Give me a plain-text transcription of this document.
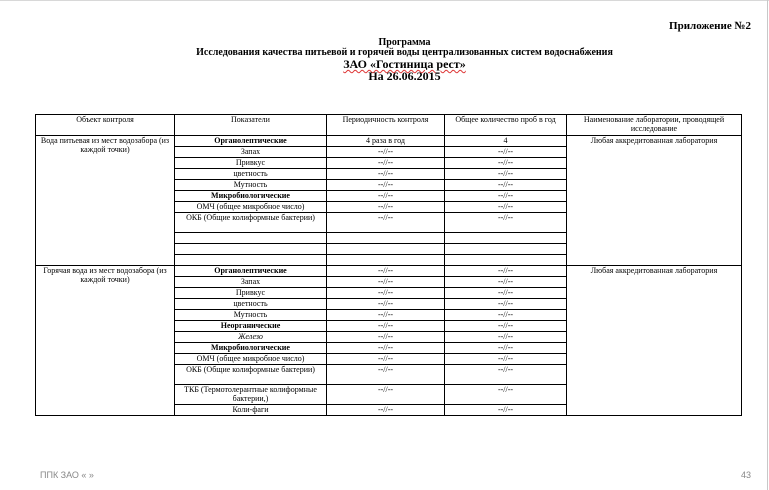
Приложение №2
Программа
Исследования качества питьевой и горячей воды централизованных систем водоснабжения
ЗАО «Гостиница рест»
На 26.06.2015
Объект контроля	Показатели	Периодичность контроля	Общее количество проб в год	Наименование лаборатории, проводящей исследование
Вода питьевая из мест водозабора (из каждой точки)	Органолептические	4 раза в год	4	Любая аккредитованная лаборатория
	Запах	--//--	--//--	
	Привкус	--//--	--//--	
	цветность	--//--	--//--	
	Мутность	--//--	--//--	
	Микробиологические	--//--	--//--	
	ОМЧ (общее микробное число)	--//--	--//--	
	ОКБ (Общие колиформные бактерии)	--//--	--//--	

Горячая вода из мест водозабора (из каждой точки)	Органолептические	--//--	--//--	Любая аккредитованная лаборатория
	Запах	--//--	--//--	
	Привкус	--//--	--//--	
	цветность	--//--	--//--	
	Мутность	--//--	--//--	
	Неорганические	--//--	--//--	
	Железо	--//--	--//--	
	Микробиологические	--//--	--//--	
	ОМЧ (общее микробное число)	--//--	--//--	
	ОКБ (Общие колиформные бактерии)	--//--	--//--	
	ТКБ (Термотолерантные колиформные бактерии,)	--//--	--//--	
	Коли-фаги	--//--	--//--	
ППК ЗАО « »	43
